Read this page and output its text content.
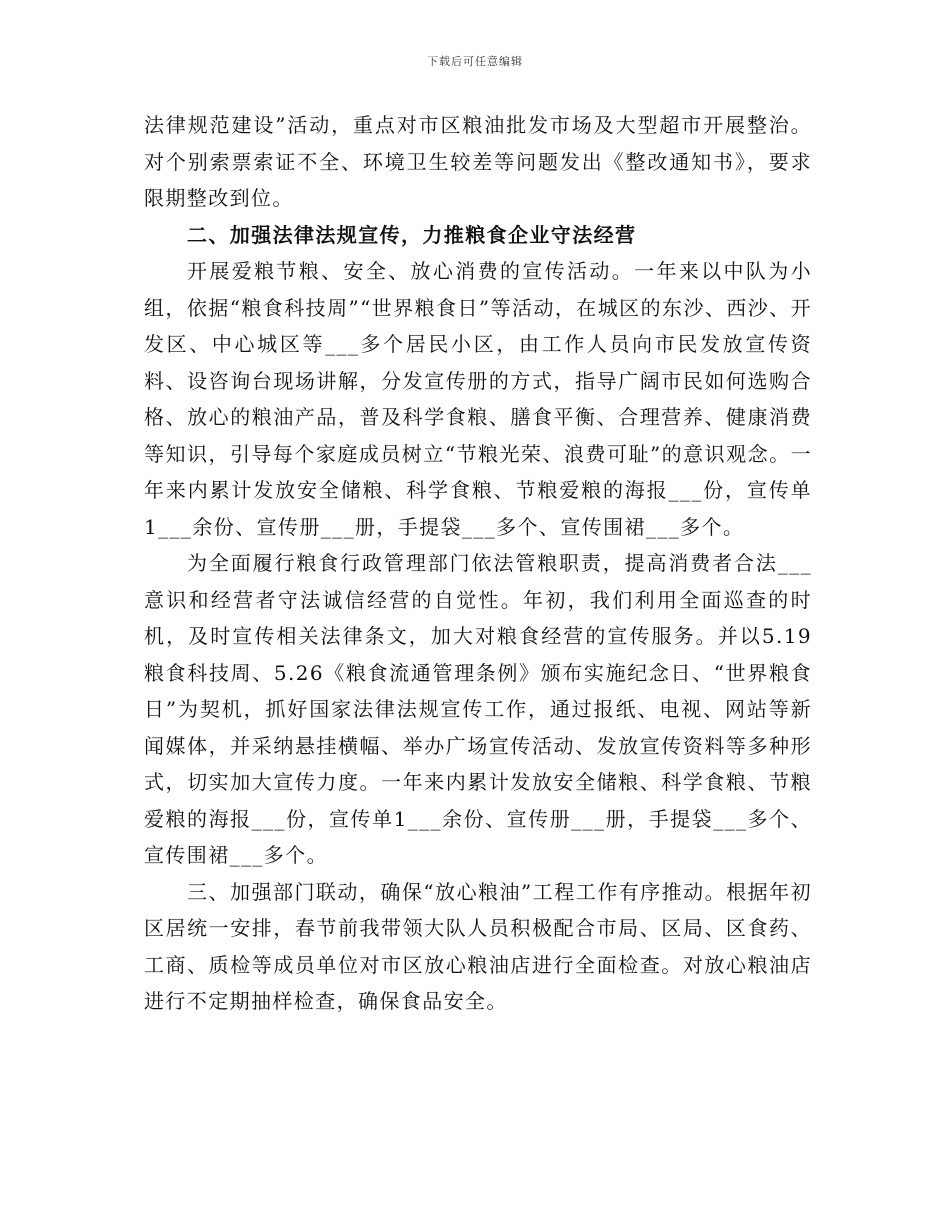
下载后可任意编辑

法律规范建设”活动，重点对市区粮油批发市场及大型超市开展整治。对个别索票索证不全、环境卫生较差等问题发出《整改通知书》，要求限期整改到位。

二、加强法律法规宣传，力推粮食企业守法经营

开展爱粮节粮、安全、放心消费的宣传活动。一年来以中队为小组，依据“粮食科技周”“世界粮食日”等活动，在城区的东沙、西沙、开发区、中心城区等___多个居民小区，由工作人员向市民发放宣传资料、设咨询台现场讲解，分发宣传册的方式，指导广阔市民如何选购合格、放心的粮油产品，普及科学食粮、膳食平衡、合理营养、健康消费等知识，引导每个家庭成员树立“节粮光荣、浪费可耻”的意识观念。一年来内累计发放安全储粮、科学食粮、节粮爱粮的海报___份，宣传单1___余份、宣传册___册，手提袋___多个、宣传围裙___多个。

为全面履行粮食行政管理部门依法管粮职责，提高消费者合法___意识和经营者守法诚信经营的自觉性。年初，我们利用全面巡查的时机，及时宣传相关法律条文，加大对粮食经营的宣传服务。并以5.19粮食科技周、5.26《粮食流通管理条例》颁布实施纪念日、“世界粮食日”为契机，抓好国家法律法规宣传工作，通过报纸、电视、网站等新闻媒体，并采纳悬挂横幅、举办广场宣传活动、发放宣传资料等多种形式，切实加大宣传力度。一年来内累计发放安全储粮、科学食粮、节粮爱粮的海报___份，宣传单1___余份、宣传册___册，手提袋___多个、宣传围裙___多个。

三、加强部门联动，确保“放心粮油”工程工作有序推动。根据年初区居统一安排，春节前我带领大队人员积极配合市局、区局、区食药、工商、质检等成员单位对市区放心粮油店进行全面检查。对放心粮油店进行不定期抽样检查，确保食品安全。
